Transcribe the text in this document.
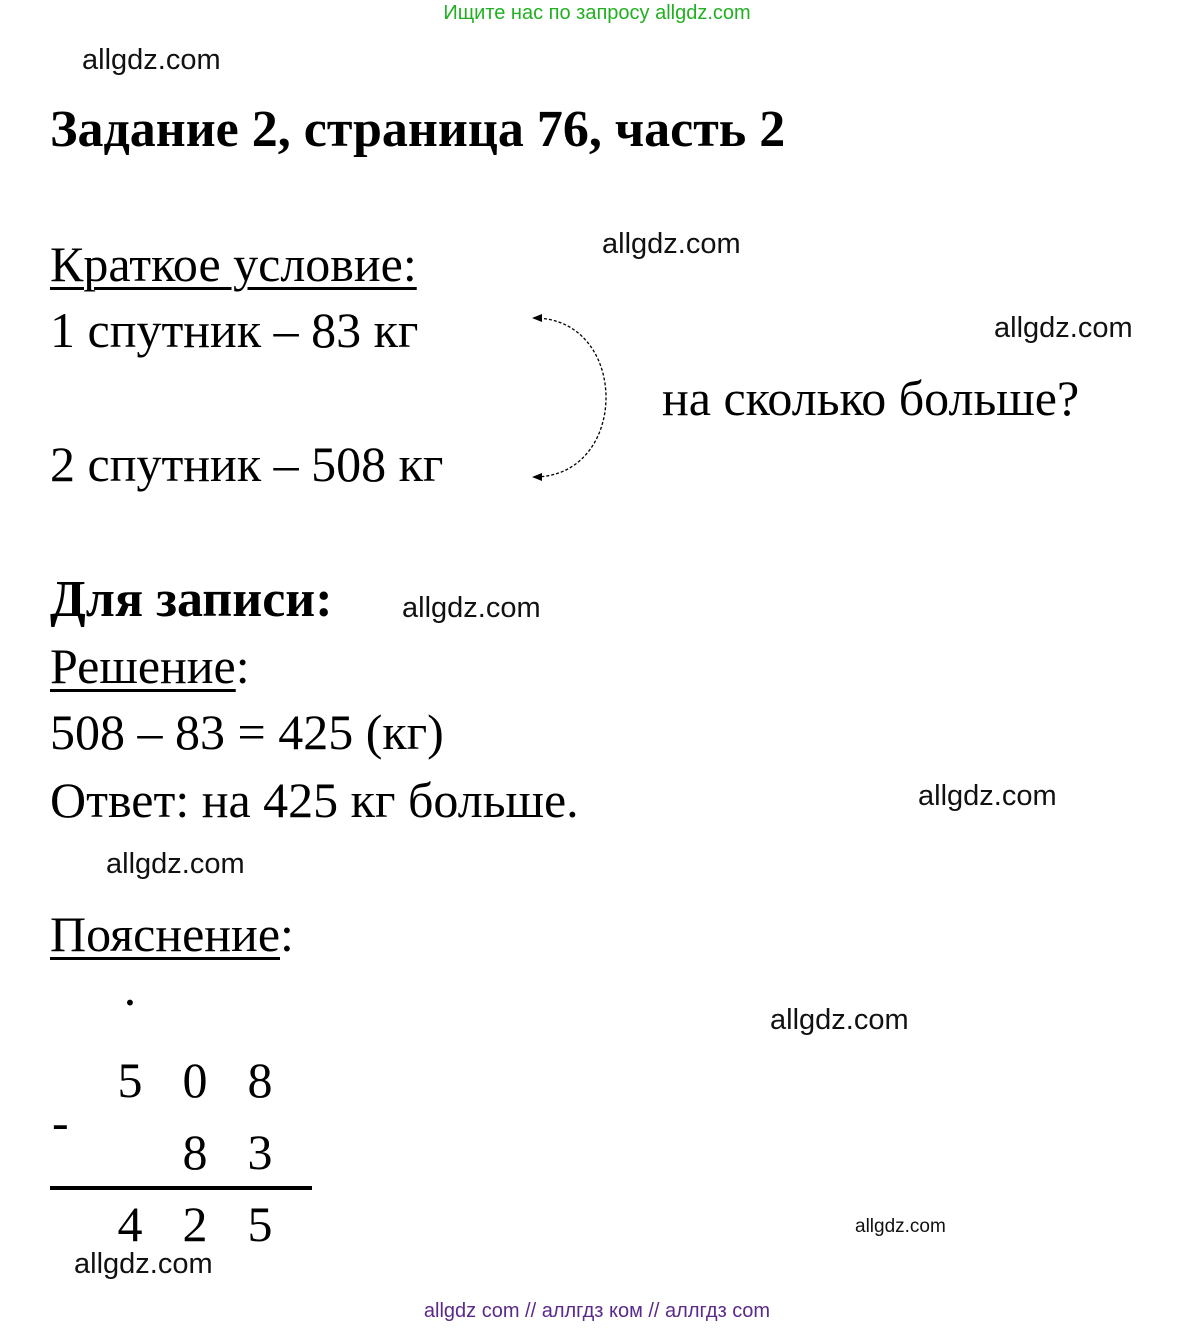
Ищите нас по запросу allgdz.com
allgdz.com
Задание 2, страница 76, часть 2
Краткое условие:	allgdz.com
allgdz.com
1 спутник – 83 кг
2 спутник – 508 кг
на сколько больше?
Для записи: allgdz.com
Решение:
508 – 83 = 425 (кг)
Ответ: на 425 кг больше.	allgdz.com
allgdz.com
Пояснение:
·	allgdz.com
5 0 8
-
8 3
4 2 5	allgdz.com
allgdz.com
allgdz com // аллгдз ком // аллгдз com
